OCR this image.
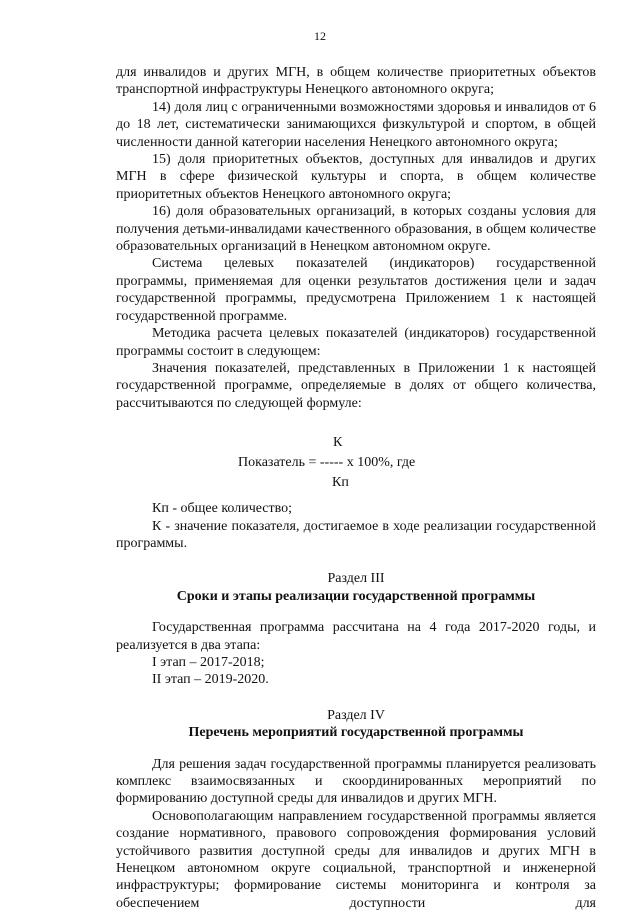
12

для инвалидов и других МГН, в общем количестве приоритетных объектов транспортной инфраструктуры Ненецкого автономного округа;

14) доля лиц с ограниченными возможностями здоровья и инвалидов от 6 до 18 лет, систематически занимающихся физкультурой и спортом, в общей численности данной категории населения Ненецкого автономного округа;

15) доля приоритетных объектов, доступных для инвалидов и других МГН в сфере физической культуры и спорта, в общем количестве приоритетных объектов Ненецкого автономного округа;

16) доля образовательных организаций, в которых созданы условия для получения детьми-инвалидами качественного образования, в общем количестве образовательных организаций в Ненецком автономном округе.

Система целевых показателей (индикаторов) государственной программы, применяемая для оценки результатов достижения цели и задач государственной программы, предусмотрена Приложением 1 к настоящей государственной программе.

Методика расчета целевых показателей (индикаторов) государственной программы состоит в следующем:

Значения показателей, представленных в Приложении 1 к настоящей государственной программе, определяемые в долях от общего количества, рассчитываются по следующей формуле:

К
Показатель = ----- х 100%, где
Кп

Кп - общее количество;

К - значение показателя, достигаемое в ходе реализации государственной программы.

Раздел III

Сроки и этапы реализации государственной программы

Государственная программа рассчитана на 4 года 2017-2020 годы, и реализуется в два этапа:

I этап – 2017-2018;

II этап – 2019-2020.

Раздел IV

Перечень мероприятий государственной программы

Для решения задач государственной программы планируется реализовать комплекс взаимосвязанных и скоординированных мероприятий по формированию доступной среды для инвалидов и других МГН.

Основополагающим направлением государственной программы является создание нормативного, правового сопровождения формирования условий устойчивого развития доступной среды для инвалидов и других МГН в Ненецком автономном округе социальной, транспортной и инженерной инфраструктуры; формирование системы мониторинга и контроля за обеспечением доступности для
